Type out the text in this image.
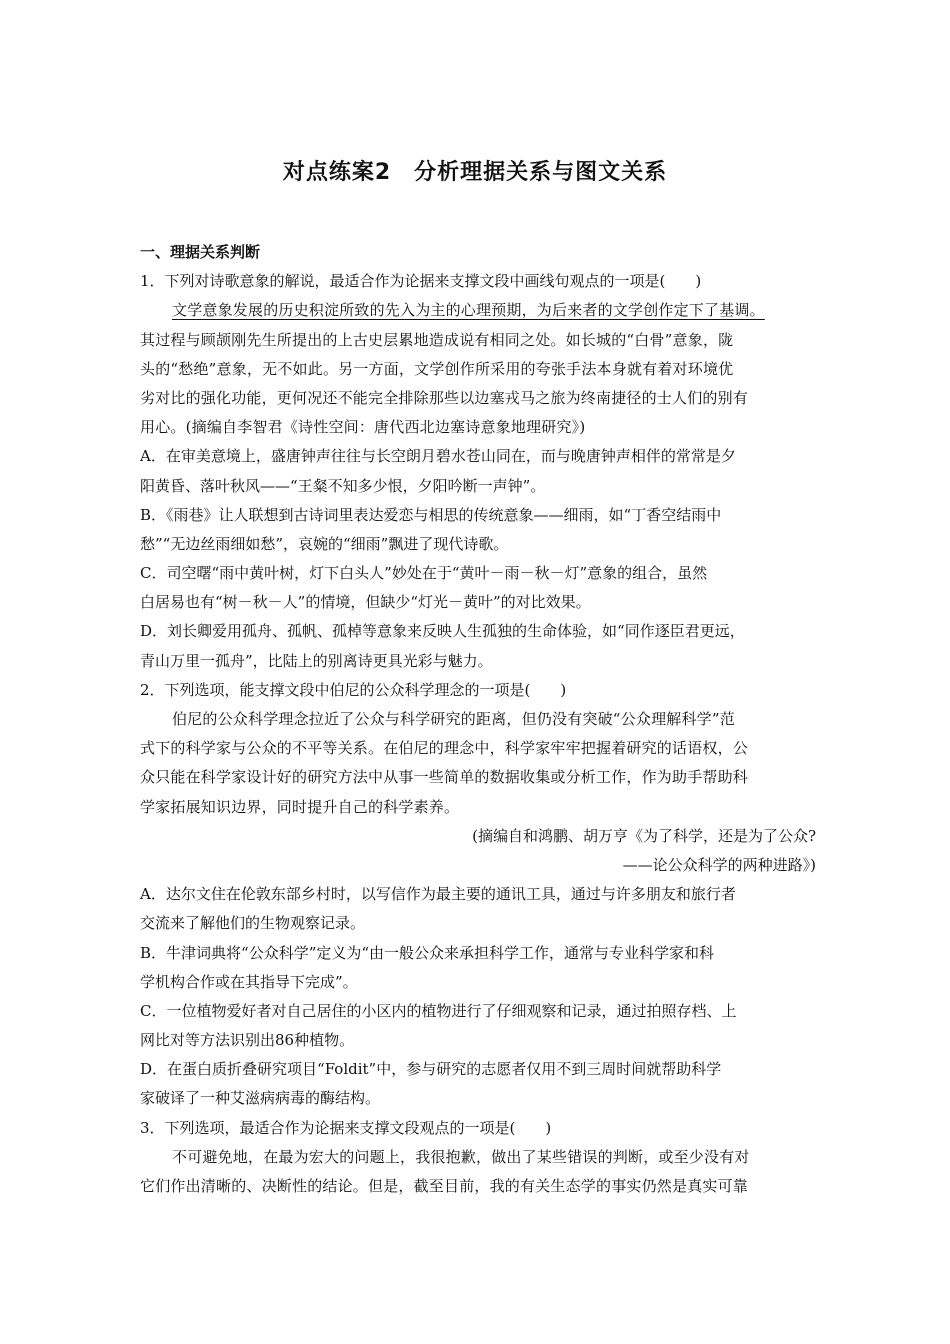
对点练案2　分析理据关系与图文关系
一、理据关系判断
1．下列对诗歌意象的解说，最适合作为论据来支撑文段中画线句观点的一项是(　　)
文学意象发展的历史积淀所致的先入为主的心理预期，为后来者的文学创作定下了基调。
其过程与顾颉刚先生所提出的上古史层累地造成说有相同之处。如长城的“白骨”意象，陇
头的“愁绝”意象，无不如此。另一方面，文学创作所采用的夸张手法本身就有着对环境优
劣对比的强化功能，更何况还不能完全排除那些以边塞戎马之旅为终南捷径的士人们的别有
用心。(摘编自李智君《诗性空间：唐代西北边塞诗意象地理研究》)
A．在审美意境上，盛唐钟声往往与长空朗月碧水苍山同在，而与晚唐钟声相伴的常常是夕
阳黄昏、落叶秋风——“王粲不知多少恨，夕阳吟断一声钟”。
B．《雨巷》让人联想到古诗词里表达爱恋与相思的传统意象——细雨，如“丁香空结雨中
愁”“无边丝雨细如愁”，哀婉的“细雨”飘进了现代诗歌。
C．司空曙“雨中黄叶树，灯下白头人”妙处在于“黄叶－雨－秋－灯”意象的组合，虽然
白居易也有“树－秋－人”的情境，但缺少“灯光－黄叶”的对比效果。
D．刘长卿爱用孤舟、孤帆、孤棹等意象来反映人生孤独的生命体验，如“同作逐臣君更远，
青山万里一孤舟”，比陆上的别离诗更具光彩与魅力。
2．下列选项，能支撑文段中伯尼的公众科学理念的一项是(　　)
伯尼的公众科学理念拉近了公众与科学研究的距离，但仍没有突破“公众理解科学”范
式下的科学家与公众的不平等关系。在伯尼的理念中，科学家牢牢把握着研究的话语权，公
众只能在科学家设计好的研究方法中从事一些简单的数据收集或分析工作，作为助手帮助科
学家拓展知识边界，同时提升自己的科学素养。
(摘编自和鸿鹏、胡万亨《为了科学，还是为了公众?
——论公众科学的两种进路》)
A．达尔文住在伦敦东部乡村时，以写信作为最主要的通讯工具，通过与许多朋友和旅行者
交流来了解他们的生物观察记录。
B．牛津词典将“公众科学”定义为“由一般公众来承担科学工作，通常与专业科学家和科
学机构合作或在其指导下完成”。
C．一位植物爱好者对自己居住的小区内的植物进行了仔细观察和记录，通过拍照存档、上
网比对等方法识别出86种植物。
D．在蛋白质折叠研究项目“Foldit”中，参与研究的志愿者仅用不到三周时间就帮助科学
家破译了一种艾滋病病毒的酶结构。
3．下列选项，最适合作为论据来支撑文段观点的一项是(　　)
不可避免地，在最为宏大的问题上，我很抱歉，做出了某些错误的判断，或至少没有对
它们作出清晰的、决断性的结论。但是，截至目前，我的有关生态学的事实仍然是真实可靠
